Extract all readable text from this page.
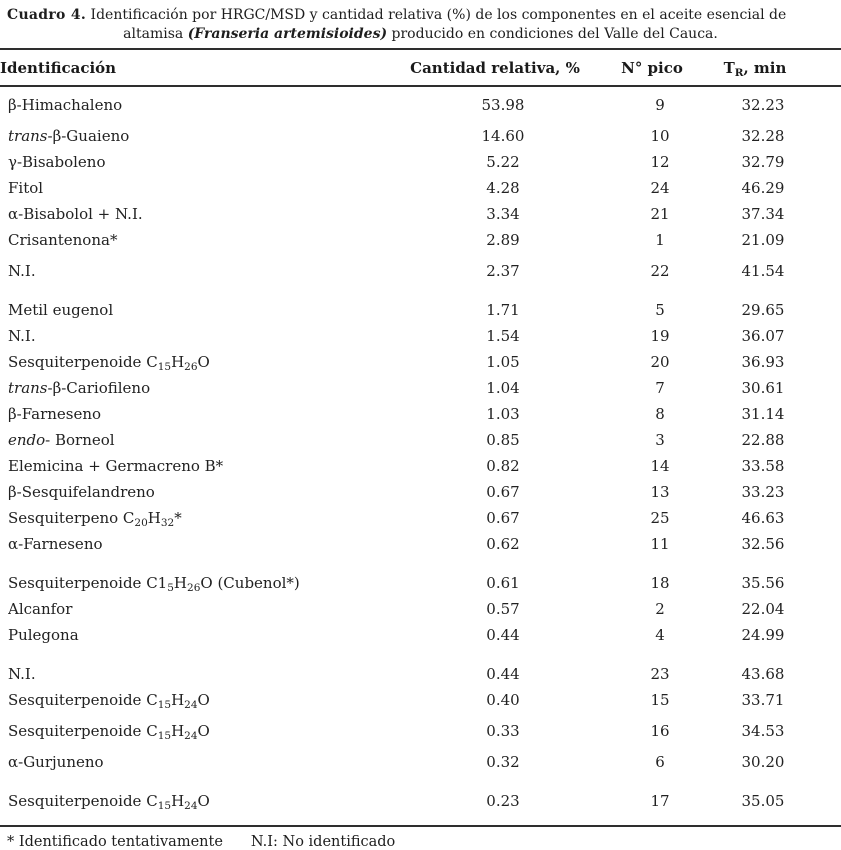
Cuadro 4. Identificación por HRGC/MSD y cantidad relativa (%) de los componentes en el aceite esencial de
altamisa (Franseria artemisioides) producido en condiciones del Valle del Cauca.
Identificación	Cantidad relativa, %	N° pico	$T_R$, min
β-Himachaleno	53.98	9	32.23
trans-β-Guaieno	14.60	10	32.28
γ-Bisaboleno	5.22	12	32.79
Fitol	4.28	24	46.29
α-Bisabolol + N.I.	3.34	21	37.34
Crisantenona*	2.89	1	21.09
N.I.	2.37	22	41.54
Metil eugenol	1.71	5	29.65
N.I.	1.54	19	36.07
Sesquiterpenoide $C_{15}H_{26}O$	1.05	20	36.93
trans-β-Cariofileno	1.04	7	30.61
β-Farneseno	1.03	8	31.14
endo- Borneol	0.85	3	22.88
Elemicina + Germacreno B*	0.82	14	33.58
β-Sesquifelandreno	0.67	13	33.23
Sesquiterpeno $C_{20}H_{32}*$	0.67	25	46.63
α-Farneseno	0.62	11	32.56
Sesquiterpenoide $C1_5H_{26}O$ (Cubenol*)	0.61	18	35.56
Alcanfor	0.57	2	22.04
Pulegona	0.44	4	24.99
N.I.	0.44	23	43.68
Sesquiterpenoide $C_{15}H_{24}O$	0.40	15	33.71
Sesquiterpenoide $C_{15}H_{24}O$	0.33	16	34.53
α-Gurjuneno	0.32	6	30.20
Sesquiterpenoide $C_{15}H_{24}O$	0.23	17	35.05
* Identificado tentativamente N.I: No identificado
